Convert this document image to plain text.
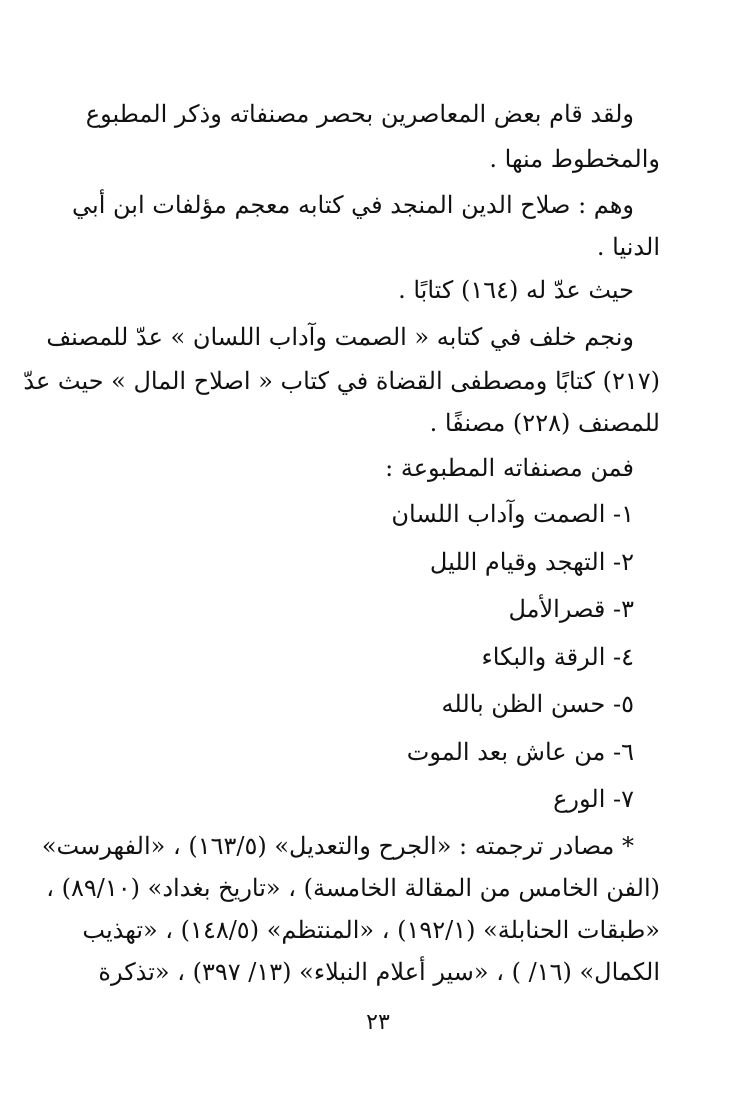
ولقد قام بعض المعاصرين بحصر مصنفاته وذكر المطبوع
والمخطوط منها .
وهم : صلاح الدين المنجد في كتابه معجم مؤلفات ابن أبي
الدنيا .
حيث عدّ له (١٦٤) كتابًا .
ونجم خلف في كتابه « الصمت وآداب اللسان » عدّ للمصنف
(٢١٧) كتابًا ومصطفى القضاة في كتاب « اصلاح المال » حيث عدّ
للمصنف (٢٢٨) مصنفًا .
فمن مصنفاته المطبوعة :
١- الصمت وآداب اللسان
٢- التهجد وقيام الليل
٣- قصرالأمل
٤- الرقة والبكاء
٥- حسن الظن بالله
٦- من عاش بعد الموت
٧- الورع
* مصادر ترجمته : «الجرح والتعديل» (١٦٣/٥) ، «الفهرست»
(الفن الخامس من المقالة الخامسة) ، «تاريخ بغداد» (٨٩/١٠) ،
«طبقات الحنابلة» (١٩٢/١) ، «المنتظم» (١٤٨/٥) ، «تهذيب
الكمال» (١٦/ ) ، «سير أعلام النبلاء» (١٣/ ٣٩٧) ، «تذكرة
٢٣
